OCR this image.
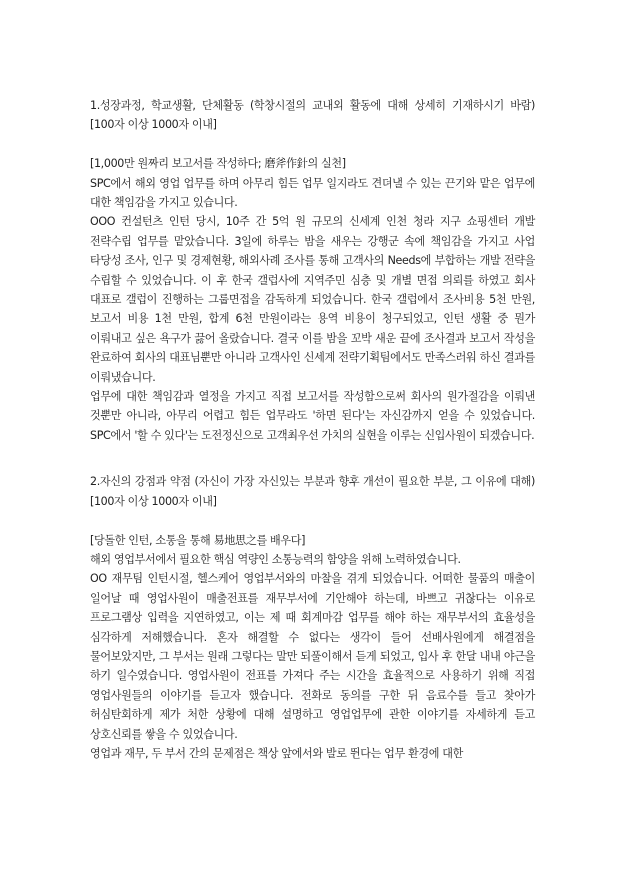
1.성장과정, 학교생활, 단체활동 (학창시절의 교내외 활동에 대해 상세히 기재하시기 바람) [100자 이상 1000자 이내]

[1,000만 원짜리 보고서를 작성하다; 磨斧作針의 실천]

SPC에서 해외 영업 업무를 하며 아무리 힘든 업무 일지라도 견뎌낼 수 있는 끈기와 맡은 업무에 대한 책임감을 가지고 있습니다.

OOO 컨설턴츠 인턴 당시, 10주 간 5억 원 규모의 신세계 인천 청라 지구 쇼핑센터 개발 전략수립 업무를 맡았습니다. 3일에 하루는 밤을 새우는 강행군 속에 책임감을 가지고 사업 타당성 조사, 인구 및 경제현황, 해외사례 조사를 통해 고객사의 Needs에 부합하는 개발 전략을 수립할 수 있었습니다. 이 후 한국 갤럽사에 지역주민 심층 및 개별 면접 의뢰를 하였고 회사 대표로 갤럽이 진행하는 그룹면접을 감독하게 되었습니다. 한국 갤럽에서 조사비용 5천 만원, 보고서 비용 1천 만원, 합계 6천 만원이라는 용역 비용이 청구되었고, 인턴 생활 중 뭔가 이뤄내고 싶은 욕구가 끓어 올랐습니다. 결국 이를 밤을 꼬박 새운 끝에 조사결과 보고서 작성을 완료하여 회사의 대표님뿐만 아니라 고객사인 신세계 전략기획팀에서도 만족스러워 하신 결과를 이뤄냈습니다.

업무에 대한 책임감과 열정을 가지고 직접 보고서를 작성함으로써 회사의 원가절감을 이뤄낸 것뿐만 아니라, 아무리 어렵고 힘든 업무라도 '하면 된다'는 자신감까지 얻을 수 있었습니다. SPC에서 '할 수 있다'는 도전정신으로 고객최우선 가치의 실현을 이루는 신입사원이 되겠습니다.

2.자신의 강점과 약점 (자신이 가장 자신있는 부분과 향후 개선이 필요한 부분, 그 이유에 대해) [100자 이상 1000자 이내]

[당돌한 인턴, 소통을 통해 易地思之를 배우다]

해외 영업부서에서 필요한 핵심 역량인 소통능력의 함양을 위해 노력하였습니다.

OO 재무팀 인턴시절, 헬스케어 영업부서와의 마찰을 겪게 되었습니다. 어떠한 물품의 매출이 일어날 때 영업사원이 매출전표를 재무부서에 기안해야 하는데, 바쁘고 귀찮다는 이유로 프로그램상 입력을 지연하였고, 이는 제 때 회계마감 업무를 해야 하는 재무부서의 효율성을 심각하게 저해했습니다. 혼자 해결할 수 없다는 생각이 들어 선배사원에게 해결점을 물어보았지만, 그 부서는 원래 그렇다는 말만 되풀이해서 듣게 되었고, 입사 후 한달 내내 야근을 하기 일수였습니다. 영업사원이 전표를 가져다 주는 시간을 효율적으로 사용하기 위해 직접 영업사원들의 이야기를 듣고자 했습니다. 전화로 동의를 구한 뒤 음료수를 들고 찾아가 허심탄회하게 제가 처한 상황에 대해 설명하고 영업업무에 관한 이야기를 자세하게 듣고 상호신뢰를 쌓을 수 있었습니다.

영업과 재무, 두 부서 간의 문제점은 책상 앞에서와 발로 뛴다는 업무 환경에 대한
